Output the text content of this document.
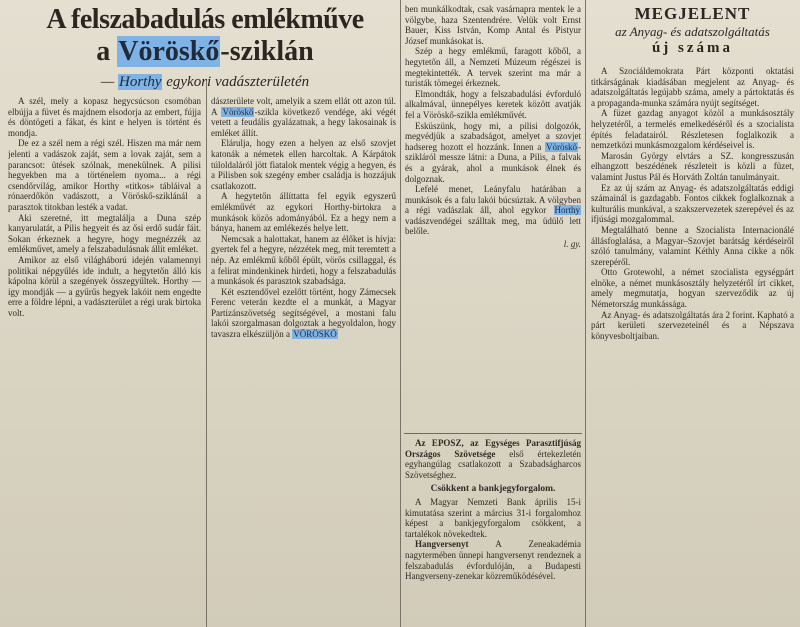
A felszabadulás emlékműve
a Vöröskő-sziklán
— Horthy egykori vadászterületén

A szél, mely a kopasz hegycsúcson csomóban elbújja a füvet és majdnem elsodorja az embert, fújja és döntögeti a fákat, és kint e helyen is történt és mondja.

De ez a szél nem a régi szél. Hiszen ma már nem jelenti a vadászok zaját, sem a lovak zaját, sem a parancsot: ütések szólnak, menekülnek. A pilisi hegyekben ma a történelem nyoma... a régi csendőrvilág, amikor Horthy «titkos» tábláival a rónaerdőkön vadászott, a Vöröskő-sziklánál a parasztok titokban lesték a vadat.

Aki szeretné, itt megtalálja a Duna szép kanyarulatát, a Pilis hegyeit és az ősi erdő sudár fáit. Sokan érkeznek a hegyre, hogy megnézzék az emlékművet, amely a felszabadulásnak állít emléket.

Amikor az első világháború idején valamennyi politikai népgyűlés ide indult, a hegytetőn álló kis kápolna körül a szegények összegyűltek. Horthy — így mondják — a gyűrűs hegyek lakóit nem engedte erre a földre lépni, a vadászterület a régi urak birtoka volt.

dászterülete volt, amelyik a szem ellát ott azon túl. A Vöröskő-szikla következő vendége, aki végét vetett a feudális gyalázatnak, a hegy lakosainak is emléket állít.

Elárulja, hogy ezen a helyen az első szovjet katonák a németek ellen harcoltak. A Kárpátok túloldaláról jött fiatalok mentek végig a hegyen, és a Pilisben sok szegény ember családja is hozzájuk csatlakozott.

A hegytetőn állíttatta fel egyik egyszerű emlékművét az egykori Horthy-birtokra a munkások közös adományából. Ez a hegy nem a bánya, hanem az emlékezés helye lett.

Nemcsak a halottakat, hanem az élőket is hívja: gyertek fel a hegyre, nézzétek meg, mit teremtett a nép. Az emlékmű kőből épült, vörös csillaggal, és a felirat mindenkinek hirdeti, hogy a felszabadulás a munkások és parasztok szabadsága.

Két esztendővel ezelőtt történt, hogy Zámecsek Ferenc veterán kezdte el a munkát, a Magyar Partizánszövetség segítségével, a mostani falu lakói szorgalmasan dolgoztak a hegyoldalon, hogy tavaszra elkészüljön a VÖRÖSKŐ

ben munkálkodtak, csak vasárnapra mentek le a völgybe, haza Szentendrére. Velük volt Ernst Bauer, Kiss István, Komp Antal és Pistyur József munkásokat is.

Szép a hegy emlékmű, faragott kőből, a hegytetőn áll, a Nemzeti Múzeum régészei is megtekintették. A tervek szerint ma már a turisták tömegei érkeznek.

Elmondták, hogy a felszabadulási évforduló alkalmával, ünnepélyes keretek között avatják fel a Vöröskő-szikla emlékművét.

Esküszünk, hogy mi, a pilisi dolgozók, megvédjük a szabadságot, amelyet a szovjet hadsereg hozott el hozzánk. Innen a Vöröskő-szikláról messze látni: a Duna, a Pilis, a falvak és a gyárak, ahol a munkások élnek és dolgoznak.

Lefelé menet, Leányfalu határában a munkások és a falu lakói búcsúztak. A völgyben a régi vadászlak áll, ahol egykor Horthy vadászvendégei szálltak meg, ma üdülő lett belőle.

l. gy.

Az EPOSZ, az Egységes Parasztifjúság Országos Szövetsége első értekezletén egyhangúlag csatlakozott a Szabadságharcos Szövetséghez.

Csökkent a bankjegyforgalom.

A Magyar Nemzeti Bank április 15-i kimutatása szerint a március 31-i forgalomhoz képest a bankjegyforgalom csökkent, a tartalékok növekedtek.

Hangversenyt	A Zeneakadémia nagytermében ünnepi hangversenyt rendeznek a felszabadulás évfordulóján, a Budapesti Hangverseny-zenekar közreműködésével.

MEGJELENT
az Anyag- és adatszolgáltatás
új száma

A Szociáldemokrata Párt központi oktatási titkárságának kiadásában megjelent az Anyag- és adatszolgáltatás legújabb száma, amely a pártoktatás és a propaganda-munka számára nyújt segítséget.

A füzet gazdag anyagot közöl a munkásosztály helyzetéről, a termelés emelkedéséről és a szocialista építés feladatairól. Részletesen foglalkozik a nemzetközi munkásmozgalom kérdéseivel is.

Marosán György elvtárs a SZ. kongresszusán elhangzott beszédének részleteit is közli a füzet, valamint Justus Pál és Horváth Zoltán tanulmányait.

Ez az új szám az Anyag- és adatszolgáltatás eddigi számainál is gazdagabb. Fontos cikkek foglalkoznak a kulturális munkával, a szakszervezetek szerepével és az ifjúsági mozgalommal.

Megtalálható benne a Szocialista Internacionálé állásfoglalása, a Magyar–Szovjet barátság kérdéseiről szóló tanulmány, valamint Kéthly Anna cikke a nők szerepéről.

Otto Grotewohl, a német szocialista egységpárt elnöke, a német munkásosztály helyzetéről írt cikket, amely megmutatja, hogyan szerveződik az új Németország munkássága.

Az Anyag- és adatszolgáltatás ára 2 forint. Kapható a párt kerületi szervezeteinél és a Népszava könyvesboltjaiban.
